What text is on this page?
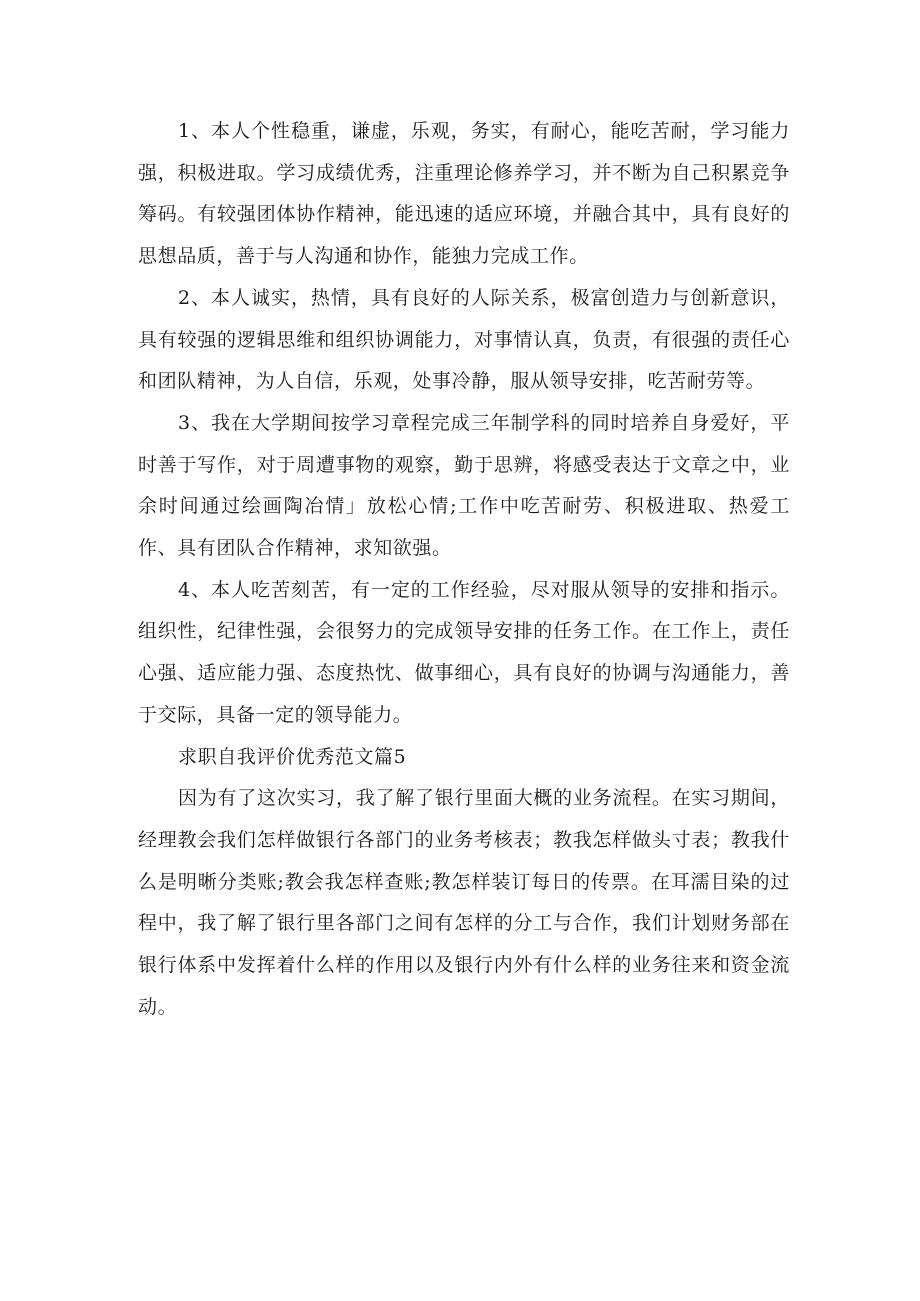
1、本人个性稳重，谦虚，乐观，务实，有耐心，能吃苦耐，学习能力强，积极进取。学习成绩优秀，注重理论修养学习，并不断为自己积累竞争筹码。有较强团体协作精神，能迅速的适应环境，并融合其中，具有良好的思想品质，善于与人沟通和协作，能独力完成工作。

2、本人诚实，热情，具有良好的人际关系，极富创造力与创新意识，具有较强的逻辑思维和组织协调能力，对事情认真，负责，有很强的责任心和团队精神，为人自信，乐观，处事冷静，服从领导安排，吃苦耐劳等。

3、我在大学期间按学习章程完成三年制学科的同时培养自身爱好，平时善于写作，对于周遭事物的观察，勤于思辨，将感受表达于文章之中，业余时间通过绘画陶冶情」放松心情;工作中吃苦耐劳、积极进取、热爱工作、具有团队合作精神，求知欲强。

4、本人吃苦刻苦，有一定的工作经验，尽对服从领导的安排和指示。组织性，纪律性强，会很努力的完成领导安排的任务工作。在工作上，责任心强、适应能力强、态度热忱、做事细心，具有良好的协调与沟通能力，善于交际，具备一定的领导能力。

求职自我评价优秀范文篇5

因为有了这次实习，我了解了银行里面大概的业务流程。在实习期间，经理教会我们怎样做银行各部门的业务考核表；教我怎样做头寸表；教我什么是明晰分类账;教会我怎样查账;教怎样装订每日的传票。在耳濡目染的过程中，我了解了银行里各部门之间有怎样的分工与合作，我们计划财务部在银行体系中发挥着什么样的作用以及银行内外有什么样的业务往来和资金流动。
